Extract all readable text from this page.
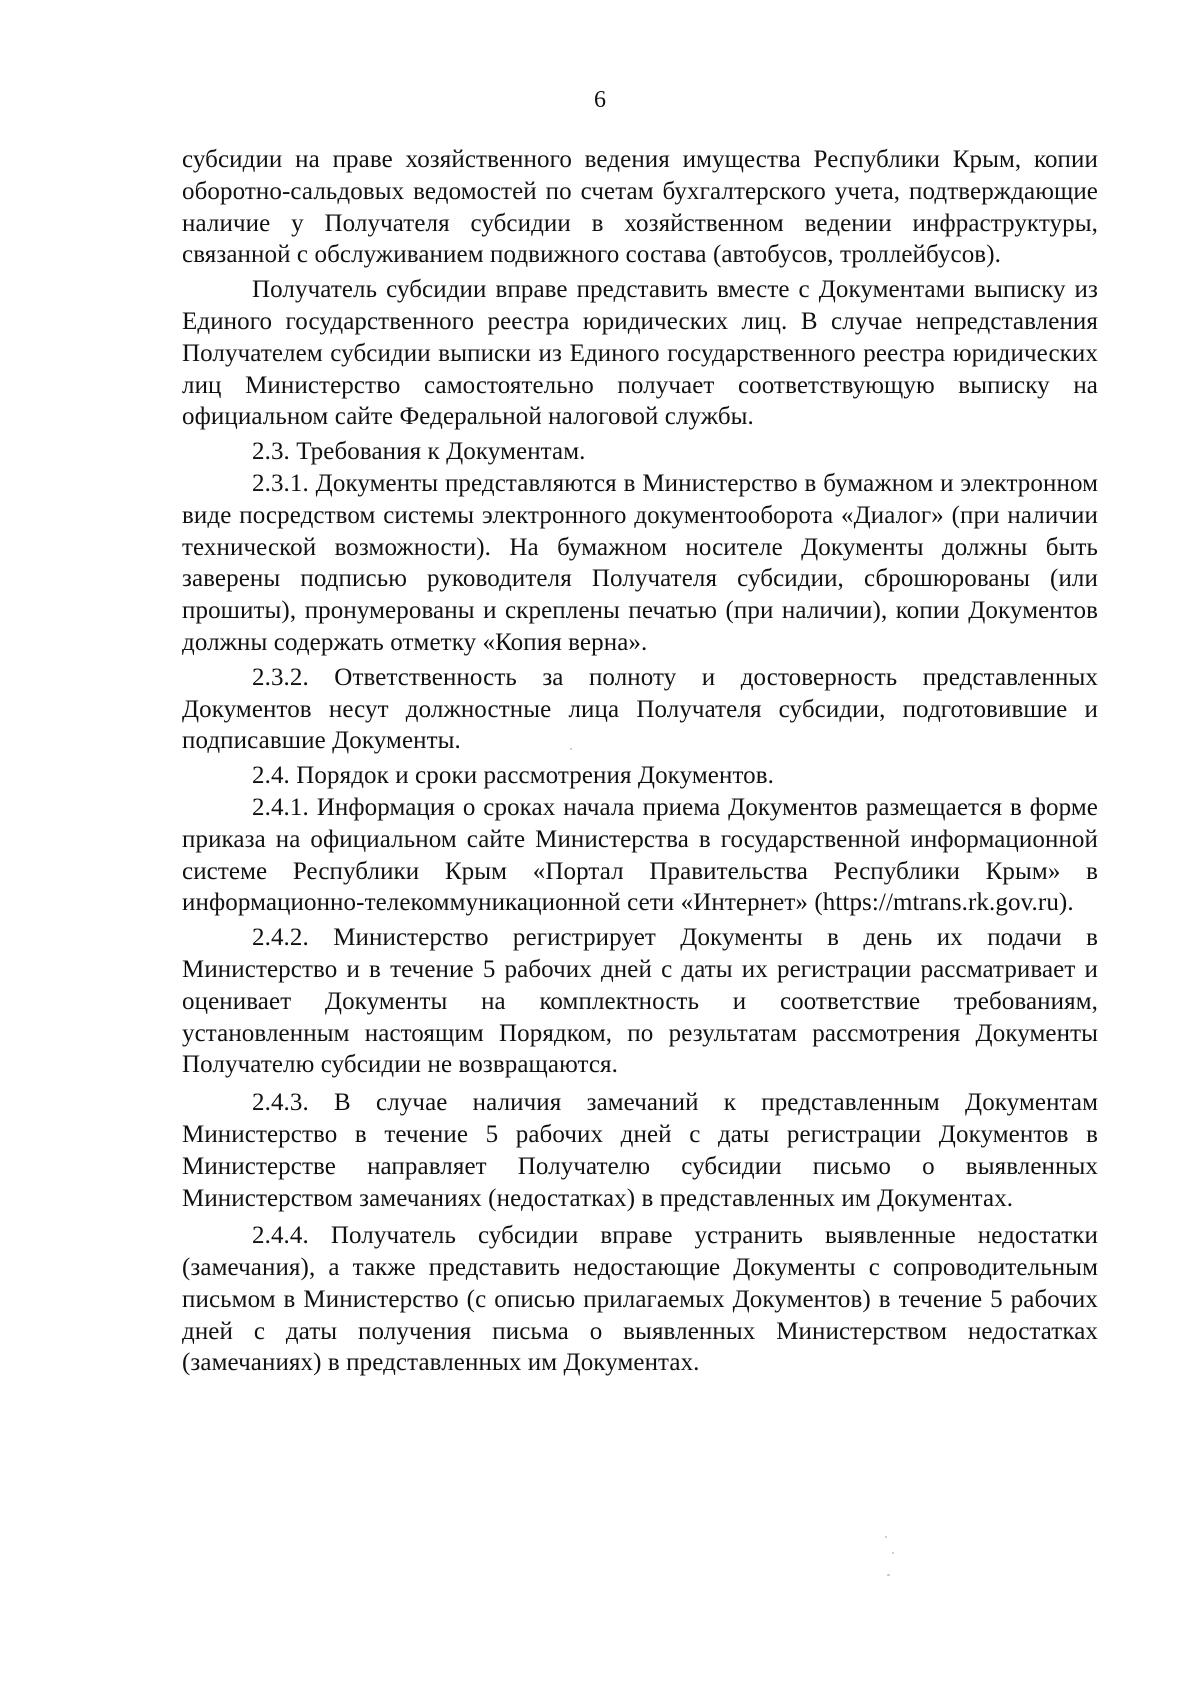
6

субсидии на праве хозяйственного ведения имущества Республики Крым, копии оборотно-сальдовых ведомостей по счетам бухгалтерского учета, подтверждающие наличие у Получателя субсидии в хозяйственном ведении инфраструктуры, связанной с обслуживанием подвижного состава (автобусов, троллейбусов).

Получатель субсидии вправе представить вместе с Документами выписку из Единого государственного реестра юридических лиц. В случае непредставления Получателем субсидии выписки из Единого государственного реестра юридических лиц Министерство самостоятельно получает соответствующую выписку на официальном сайте Федеральной налоговой службы.

2.3. Требования к Документам.

2.3.1. Документы представляются в Министерство в бумажном и электронном виде посредством системы электронного документооборота «Диалог» (при наличии технической возможности). На бумажном носителе Документы должны быть заверены подписью руководителя Получателя субсидии, сброшюрованы (или прошиты), пронумерованы и скреплены печатью (при наличии), копии Документов должны содержать отметку «Копия верна».

2.3.2. Ответственность за полноту и достоверность представленных Документов несут должностные лица Получателя субсидии, подготовившие и подписавшие Документы.

2.4. Порядок и сроки рассмотрения Документов.

2.4.1. Информация о сроках начала приема Документов размещается в форме приказа на официальном сайте Министерства в государственной информационной системе Республики Крым «Портал Правительства Республики Крым» в информационно-телекоммуникационной сети «Интернет» (https://mtrans.rk.gov.ru).

2.4.2. Министерство регистрирует Документы в день их подачи в Министерство и в течение 5 рабочих дней с даты их регистрации рассматривает и оценивает Документы на комплектность и соответствие требованиям, установленным настоящим Порядком, по результатам рассмотрения Документы Получателю субсидии не возвращаются.

2.4.3. В случае наличия замечаний к представленным Документам Министерство в течение 5 рабочих дней с даты регистрации Документов в Министерстве направляет Получателю субсидии письмо о выявленных Министерством замечаниях (недостатках) в представленных им Документах.

2.4.4. Получатель субсидии вправе устранить выявленные недостатки (замечания), а также представить недостающие Документы с сопроводительным письмом в Министерство (с описью прилагаемых Документов) в течение 5 рабочих дней с даты получения письма о выявленных Министерством недостатках (замечаниях) в представленных им Документах.
